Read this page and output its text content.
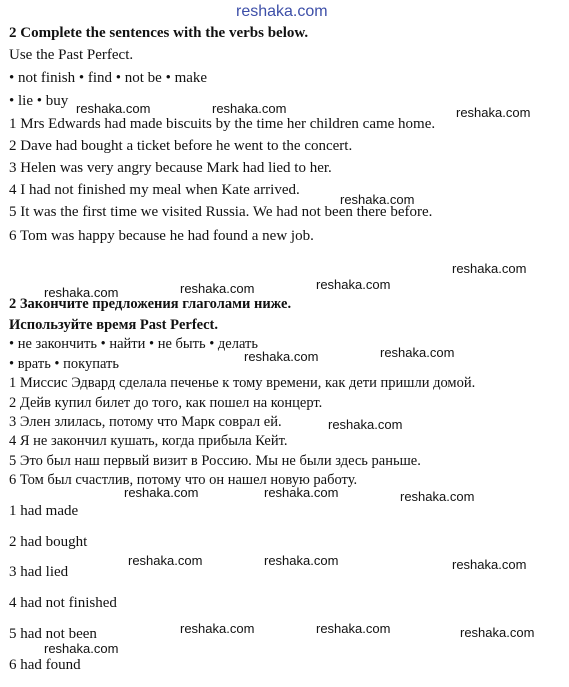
reshaka.com
2 Complete the sentences with the verbs below.
Use the Past Perfect.
• not finish • find • not be • make
• lie • buy
1 Mrs Edwards had made biscuits by the time her children came home.
2 Dave had bought a ticket before he went to the concert.
3 Helen was very angry because Mark had lied to her.
4 I had not finished my meal when Kate arrived.
5 It was the first time we visited Russia. We had not been there before.
6 Tom was happy because he had found a new job.
2 Закончите предложения глаголами ниже.
Используйте время Past Perfect.
• не закончить • найти • не быть • делать
• врать • покупать
1 Миссис Эдвард сделала печенье к тому времени, как дети пришли домой.
2 Дейв купил билет до того, как пошел на концерт.
3 Элен злилась, потому что Марк соврал ей.
4 Я не закончил кушать, когда прибыла Кейт.
5 Это был наш первый визит в Россию. Мы не были здесь раньше.
6 Том был счастлив, потому что он нашел новую работу.
1 had made
2 had bought
3 had lied
4 had not finished
5 had not been
6 had found
reshaka.com	reshaka.com	reshaka.com
reshaka.com
reshaka.com
reshaka.com	reshaka.com	reshaka.com
reshaka.com
reshaka.com
reshaka.com
reshaka.com	reshaka.com	reshaka.com
reshaka.com	reshaka.com	reshaka.com
reshaka.com	reshaka.com	reshaka.com
reshaka.com
